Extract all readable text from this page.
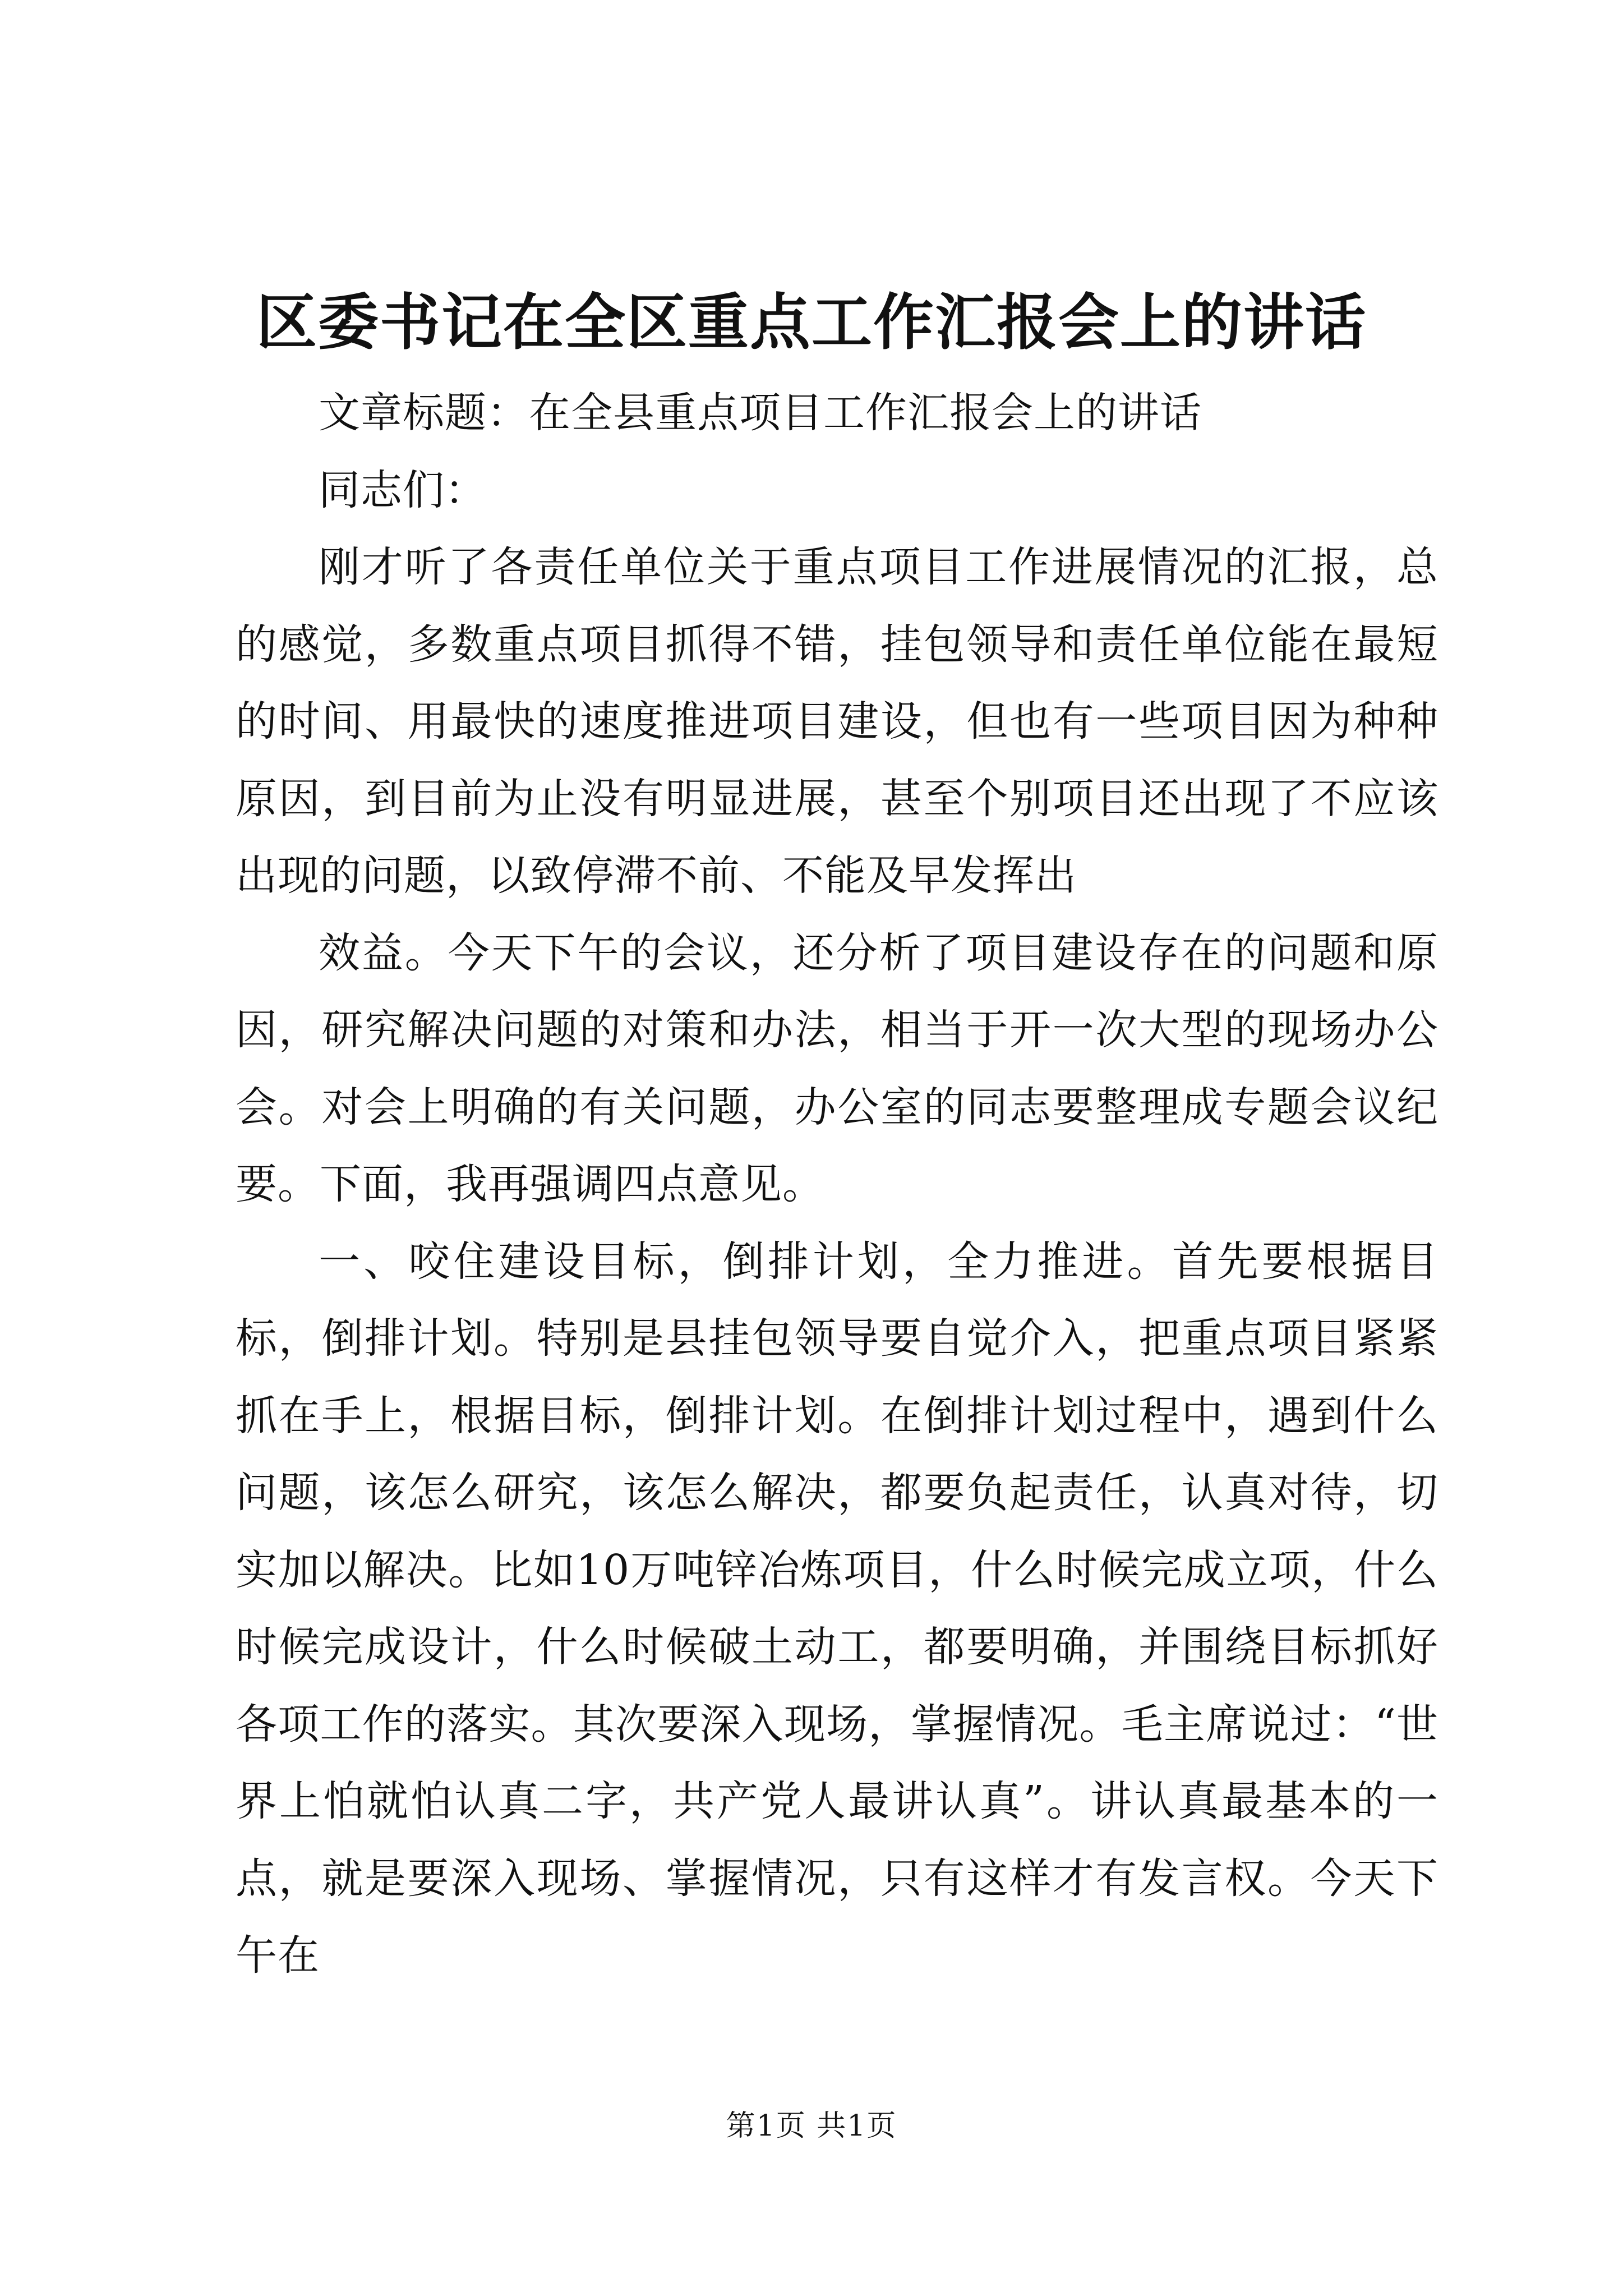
区委书记在全区重点工作汇报会上的讲话

文章标题：在全县重点项目工作汇报会上的讲话

同志们：

刚才听了各责任单位关于重点项目工作进展情况的汇报，总的感觉，多数重点项目抓得不错，挂包领导和责任单位能在最短的时间、用最快的速度推进项目建设，但也有一些项目因为种种原因，到目前为止没有明显进展，甚至个别项目还出现了不应该出现的问题，以致停滞不前、不能及早发挥出

效益。今天下午的会议，还分析了项目建设存在的问题和原因，研究解决问题的对策和办法，相当于开一次大型的现场办公会。对会上明确的有关问题，办公室的同志要整理成专题会议纪要。下面，我再强调四点意见。

一、咬住建设目标，倒排计划，全力推进。首先要根据目标，倒排计划。特别是县挂包领导要自觉介入，把重点项目紧紧抓在手上，根据目标，倒排计划。在倒排计划过程中，遇到什么问题，该怎么研究，该怎么解决，都要负起责任，认真对待，切实加以解决。比如10万吨锌冶炼项目，什么时候完成立项，什么时候完成设计，什么时候破土动工，都要明确，并围绕目标抓好各项工作的落实。其次要深入现场，掌握情况。毛主席说过：“世界上怕就怕认真二字，共产党人最讲认真”。讲认真最基本的一点，就是要深入现场、掌握情况，只有这样才有发言权。今天下午在

第1页 共1页
